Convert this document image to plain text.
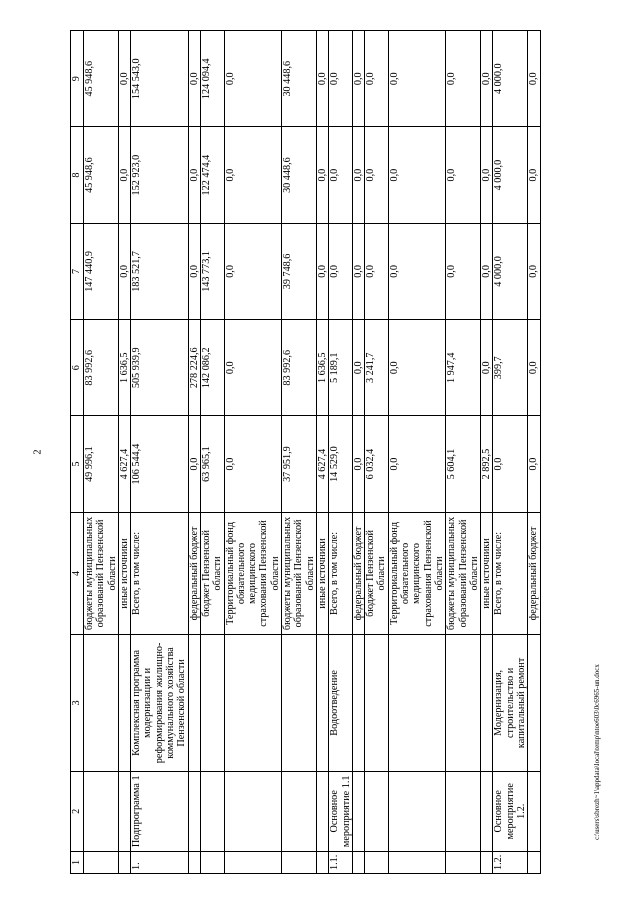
2
c:\users\sbrezh~1\appdata\local\temp\ntoe603\0c6965-un.docx
1	2	3	4	5	6	7	8	9
			бюджеты муниципальных образований Пензенской области	49 996,1	83 992,6	147 440,9	45 948,6	45 948,6
			иные источники	4 627,4	1 636,5	0,0	0,0	0,0
1.	Подпрограмма 1	Комплексная программа модернизации и реформирования жилищно-коммунального хозяйства Пензенской области	Всего, в том числе:	106 544,4	505 939,9	183 521,7	152 923,0	154 543,0
			федеральный бюджет	0,0	278 224,6	0,0	0,0	0,0
			бюджет Пензенской области	63 965,1	142 086,2	143 773,1	122 474,4	124 094,4
			Территориальный фонд обязательного медицинского страхования Пензенской области	0,0	0,0	0,0	0,0	0,0
			бюджеты муниципальных образований Пензенской области	37 951,9	83 992,6	39 748,6	30 448,6	30 448,6
			иные источники	4 627,4	1 636,5	0,0	0,0	0,0
1.1.	Основное мероприятие 1.1	Водоотведение	Всего, в том числе:	14 529,0	5 189,1	0,0	0,0	0,0
			федеральный бюджет	0,0	0,0	0,0	0,0	0,0
			бюджет Пензенской области	6 032,4	3 241,7	0,0	0,0	0,0
			Территориальный фонд обязательного медицинского страхования Пензенской области	0,0	0,0	0,0	0,0	0,0
			бюджеты муниципальных образований Пензенской области	5 604,1	1 947,4	0,0	0,0	0,0
			иные источники	2 892,5	0,0	0,0	0,0	0,0
1.2.	Основное мероприятие 1.2.	Модернизация, строительство и капитальный ремонт	Всего, в том числе:	0,0	399,7	4 000,0	4 000,0	4 000,0
			федеральный бюджет	0,0	0,0	0,0	0,0	0,0
